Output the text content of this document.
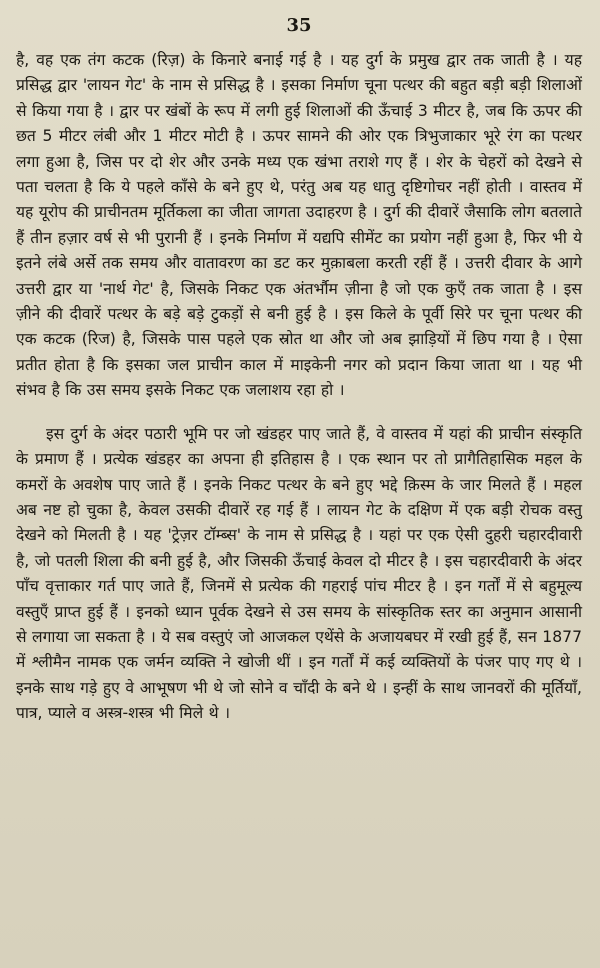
35

है, वह एक तंग कटक (रिज़) के किनारे बनाई गई है । यह दुर्ग के प्रमुख द्वार तक जाती है । यह प्रसिद्ध द्वार 'लायन गेट' के नाम से प्रसिद्ध है । इसका निर्माण चूना पत्थर की बहुत बड़ी बड़ी शिलाओं से किया गया है । द्वार पर खंबों के रूप में लगी हुई शिलाओं की ऊँचाई 3 मीटर है, जब कि ऊपर की छत 5 मीटर लंबी और 1 मीटर मोटी है । ऊपर सामने की ओर एक त्रिभुजाकार भूरे रंग का पत्थर लगा हुआ है, जिस पर दो शेर और उनके मध्य एक खंभा तराशे गए हैं । शेर के चेहरों को देखने से पता चलता है कि ये पहले काँसे के बने हुए थे, परंतु अब यह धातु दृष्टिगोचर नहीं होती । वास्तव में यह यूरोप की प्राचीनतम मूर्तिकला का जीता जागता उदाहरण है । दुर्ग की दीवारें जैसाकि लोग बतलाते हैं तीन हज़ार वर्ष से भी पुरानी हैं । इनके निर्माण में यद्यपि सीमेंट का प्रयोग नहीं हुआ है, फिर भी ये इतने लंबे अर्से तक समय और वातावरण का डट कर मुक़ाबला करती रहीं हैं । उत्तरी दीवार के आगे उत्तरी द्वार या 'नार्थ गेट' है, जिसके निकट एक अंतर्भौम ज़ीना है जो एक कुएँ तक जाता है । इस ज़ीने की दीवारें पत्थर के बड़े बड़े टुकड़ों से बनी हुई है । इस किले के पूर्वी सिरे पर चूना पत्थर की एक कटक (रिज) है, जिसके पास पहले एक स्रोत था और जो अब झाड़ियों में छिप गया है । ऐसा प्रतीत होता है कि इसका जल प्राचीन काल में माइकेनी नगर को प्रदान किया जाता था । यह भी संभव है कि उस समय इसके निकट एक जलाशय रहा हो ।

इस दुर्ग के अंदर पठारी भूमि पर जो खंडहर पाए जाते हैं, वे वास्तव में यहां की प्राचीन संस्कृति के प्रमाण हैं । प्रत्येक खंडहर का अपना ही इतिहास है । एक स्थान पर तो प्रागैतिहासिक महल के कमरों के अवशेष पाए जाते हैं । इनके निकट पत्थर के बने हुए भद्दे क़िस्म के जार मिलते हैं । महल अब नष्ट हो चुका है, केवल उसकी दीवारें रह गई हैं । लायन गेट के दक्षिण में एक बड़ी रोचक वस्तु देखने को मिलती है । यह 'ट्रेज़र टॉम्ब्स' के नाम से प्रसिद्ध है । यहां पर एक ऐसी दुहरी चहारदीवारी है, जो पतली शिला की बनी हुई है, और जिसकी ऊँचाई केवल दो मीटर है । इस चहारदीवारी के अंदर पाँच वृत्ताकार गर्त पाए जाते हैं, जिनमें से प्रत्येक की गहराई पांच मीटर है । इन गर्तों में से बहुमूल्य वस्तुएँ प्राप्त हुई हैं । इनको ध्यान पूर्वक देखने से उस समय के सांस्कृतिक स्तर का अनुमान आसानी से लगाया जा सकता है । ये सब वस्तुएं जो आजकल एथेंसे के अजायबघर में रखी हुई हैं, सन 1877 में श्लीमैन नामक एक जर्मन व्यक्ति ने खोजी थीं । इन गर्तों में कई व्यक्तियों के पंजर पाए गए थे । इनके साथ गड़े हुए वे आभूषण भी थे जो सोने व चाँदी के बने थे । इन्हीं के साथ जानवरों की मूर्तियाँ, पात्र, प्याले व अस्त्र-शस्त्र भी मिले थे ।
